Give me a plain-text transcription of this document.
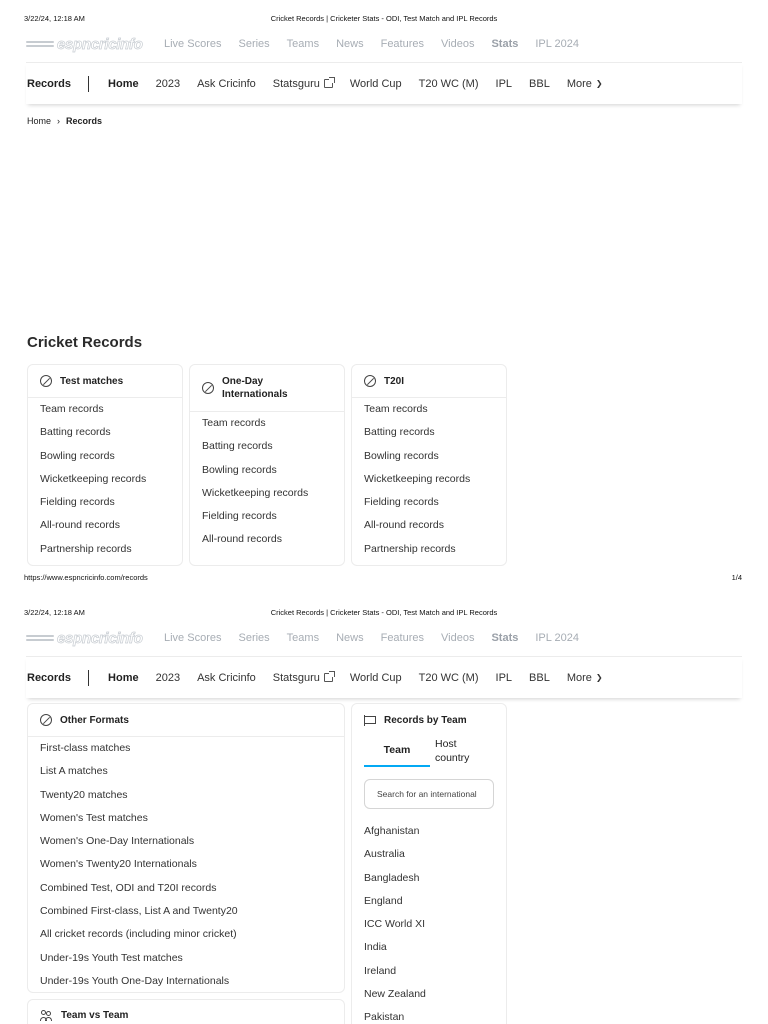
3/22/24, 12:18 AM	Cricket Records | Cricketer Stats - ODI, Test Match and IPL Records
espncricinfo Live Scores Series Teams News Features Videos Stats IPL 2024
Records	Home 2023 Ask Cricinfo Statsguru	World Cup T20 WC (M) IPL BBL More ❯
Home › Records
Cricket Records
Test matches
Team records
Batting records
Bowling records
Wicketkeeping records
Fielding records
All-round records
Partnership records
One-Day
Internationals
Team records
Batting records
Bowling records
Wicketkeeping records
Fielding records
All-round records
T20I
Team records
Batting records
Bowling records
Wicketkeeping records
Fielding records
All-round records
Partnership records
https://www.espncricinfo.com/records	1/4
3/22/24, 12:18 AM	Cricket Records | Cricketer Stats - ODI, Test Match and IPL Records
espncricinfo Live Scores Series Teams News Features Videos Stats IPL 2024
Records	Home 2023 Ask Cricinfo Statsguru	World Cup T20 WC (M) IPL BBL More ❯
Other Formats
First-class matches
List A matches
Twenty20 matches
Women's Test matches
Women's One-Day Internationals
Women's Twenty20 Internationals
Combined Test, ODI and T20I records
Combined First-class, List A and Twenty20
All cricket records (including minor cricket)
Under-19s Youth Test matches
Under-19s Youth One-Day Internationals
Team vs Team
Records by Team
Team	Host
country
Search for an international
Afghanistan
Australia
Bangladesh
England
ICC World XI
India
Ireland
New Zealand
Pakistan
